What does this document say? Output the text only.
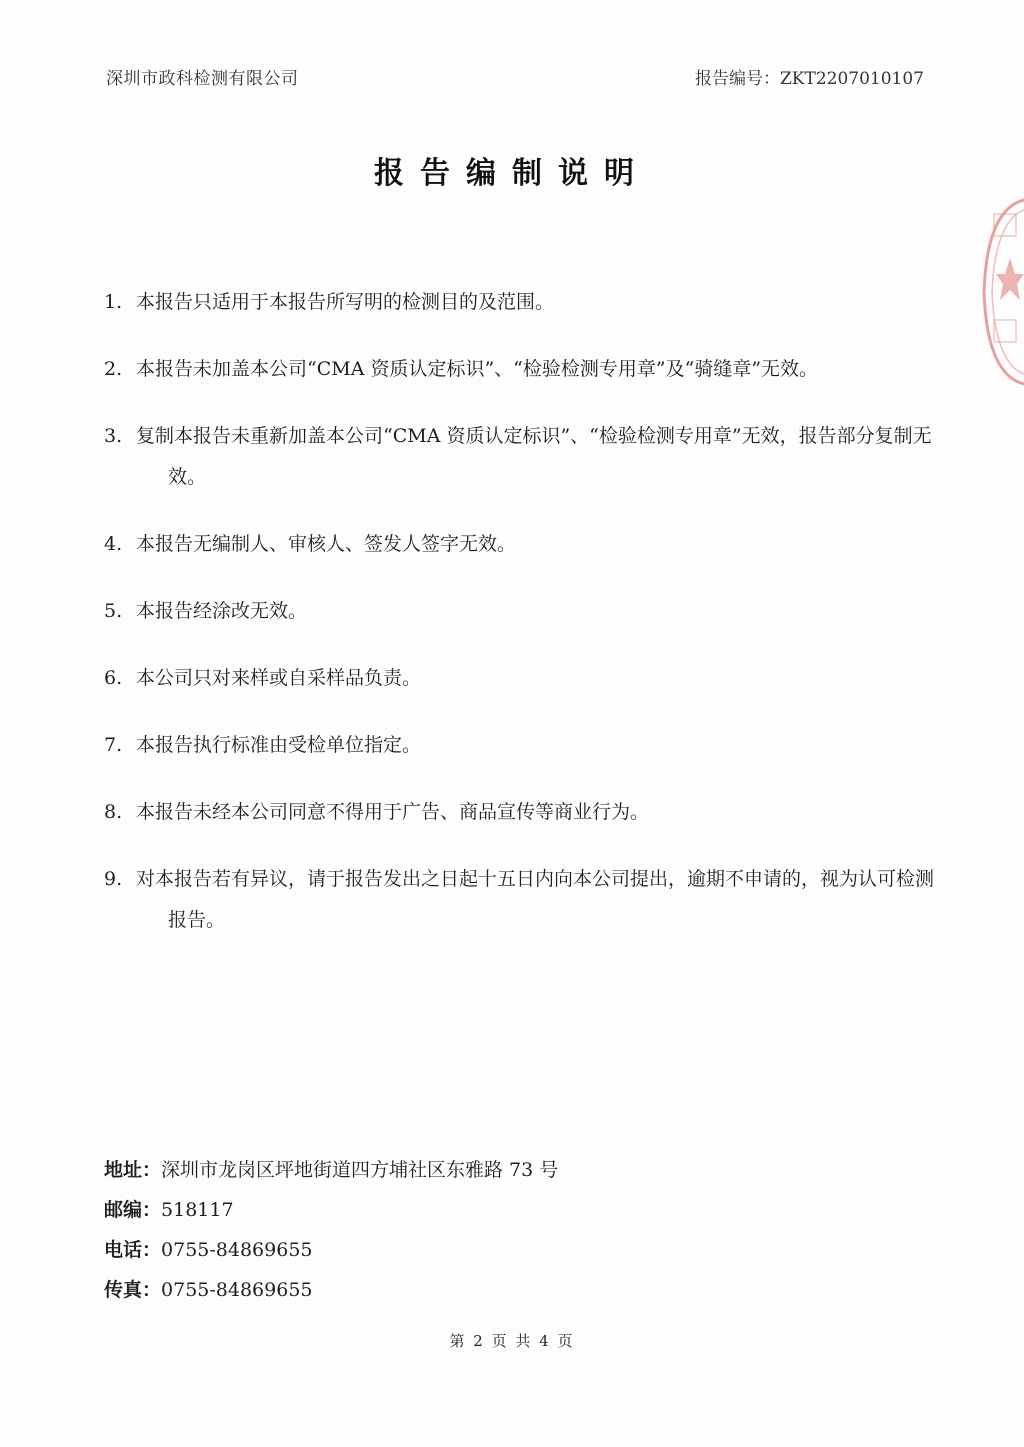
深圳市政科检测有限公司	报告编号：ZKT2207010107
报告编制说明
1. 本报告只适用于本报告所写明的检测目的及范围。
2. 本报告未加盖本公司“CMA 资质认定标识”、“检验检测专用章”及“骑缝章”无效。
3. 复制本报告未重新加盖本公司“CMA 资质认定标识”、“检验检测专用章”无效，报告部分复制无效。
4. 本报告无编制人、审核人、签发人签字无效。
5. 本报告经涂改无效。
6. 本公司只对来样或自采样品负责。
7. 本报告执行标准由受检单位指定。
8. 本报告未经本公司同意不得用于广告、商品宣传等商业行为。
9. 对本报告若有异议，请于报告发出之日起十五日内向本公司提出，逾期不申请的，视为认可检测报告。
地址：深圳市龙岗区坪地街道四方埔社区东雅路 73 号
邮编：518117
电话：0755-84869655
传真：0755-84869655
第 2 页 共 4 页
